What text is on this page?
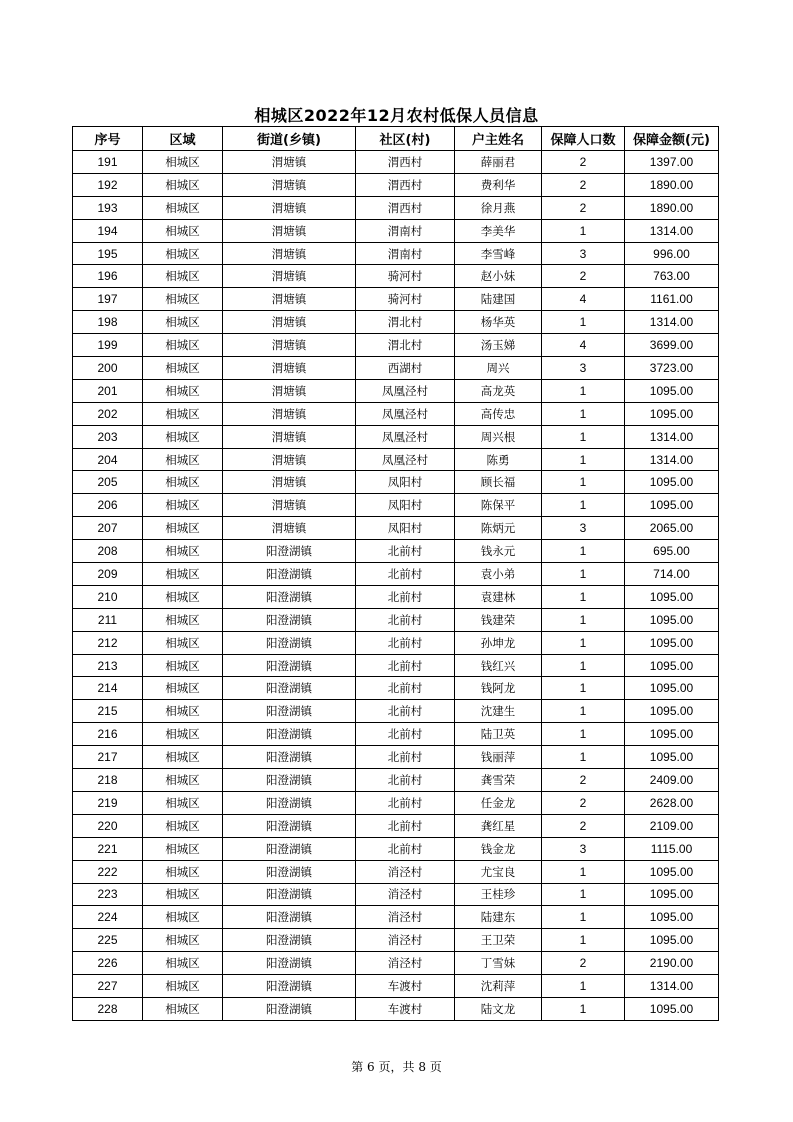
相城区2022年12月农村低保人员信息
序号	区域	街道(乡镇)	社区(村)	户主姓名	保障人口数	保障金额(元)
191	相城区	渭塘镇	渭西村	薛丽君	2	1397.00
192	相城区	渭塘镇	渭西村	费利华	2	1890.00
193	相城区	渭塘镇	渭西村	徐月燕	2	1890.00
194	相城区	渭塘镇	渭南村	李美华	1	1314.00
195	相城区	渭塘镇	渭南村	李雪峰	3	996.00
196	相城区	渭塘镇	骑河村	赵小妹	2	763.00
197	相城区	渭塘镇	骑河村	陆建国	4	1161.00
198	相城区	渭塘镇	渭北村	杨华英	1	1314.00
199	相城区	渭塘镇	渭北村	汤玉娣	4	3699.00
200	相城区	渭塘镇	西湖村	周兴	3	3723.00
201	相城区	渭塘镇	凤凰泾村	高龙英	1	1095.00
202	相城区	渭塘镇	凤凰泾村	高传忠	1	1095.00
203	相城区	渭塘镇	凤凰泾村	周兴根	1	1314.00
204	相城区	渭塘镇	凤凰泾村	陈勇	1	1314.00
205	相城区	渭塘镇	凤阳村	顾长福	1	1095.00
206	相城区	渭塘镇	凤阳村	陈保平	1	1095.00
207	相城区	渭塘镇	凤阳村	陈炳元	3	2065.00
208	相城区	阳澄湖镇	北前村	钱永元	1	695.00
209	相城区	阳澄湖镇	北前村	袁小弟	1	714.00
210	相城区	阳澄湖镇	北前村	袁建林	1	1095.00
211	相城区	阳澄湖镇	北前村	钱建荣	1	1095.00
212	相城区	阳澄湖镇	北前村	孙坤龙	1	1095.00
213	相城区	阳澄湖镇	北前村	钱红兴	1	1095.00
214	相城区	阳澄湖镇	北前村	钱阿龙	1	1095.00
215	相城区	阳澄湖镇	北前村	沈建生	1	1095.00
216	相城区	阳澄湖镇	北前村	陆卫英	1	1095.00
217	相城区	阳澄湖镇	北前村	钱丽萍	1	1095.00
218	相城区	阳澄湖镇	北前村	龚雪荣	2	2409.00
219	相城区	阳澄湖镇	北前村	任金龙	2	2628.00
220	相城区	阳澄湖镇	北前村	龚红星	2	2109.00
221	相城区	阳澄湖镇	北前村	钱金龙	3	1115.00
222	相城区	阳澄湖镇	消泾村	尤宝良	1	1095.00
223	相城区	阳澄湖镇	消泾村	王桂珍	1	1095.00
224	相城区	阳澄湖镇	消泾村	陆建东	1	1095.00
225	相城区	阳澄湖镇	消泾村	王卫荣	1	1095.00
226	相城区	阳澄湖镇	消泾村	丁雪妹	2	2190.00
227	相城区	阳澄湖镇	车渡村	沈莉萍	1	1314.00
228	相城区	阳澄湖镇	车渡村	陆文龙	1	1095.00
第 6 页，共 8 页
